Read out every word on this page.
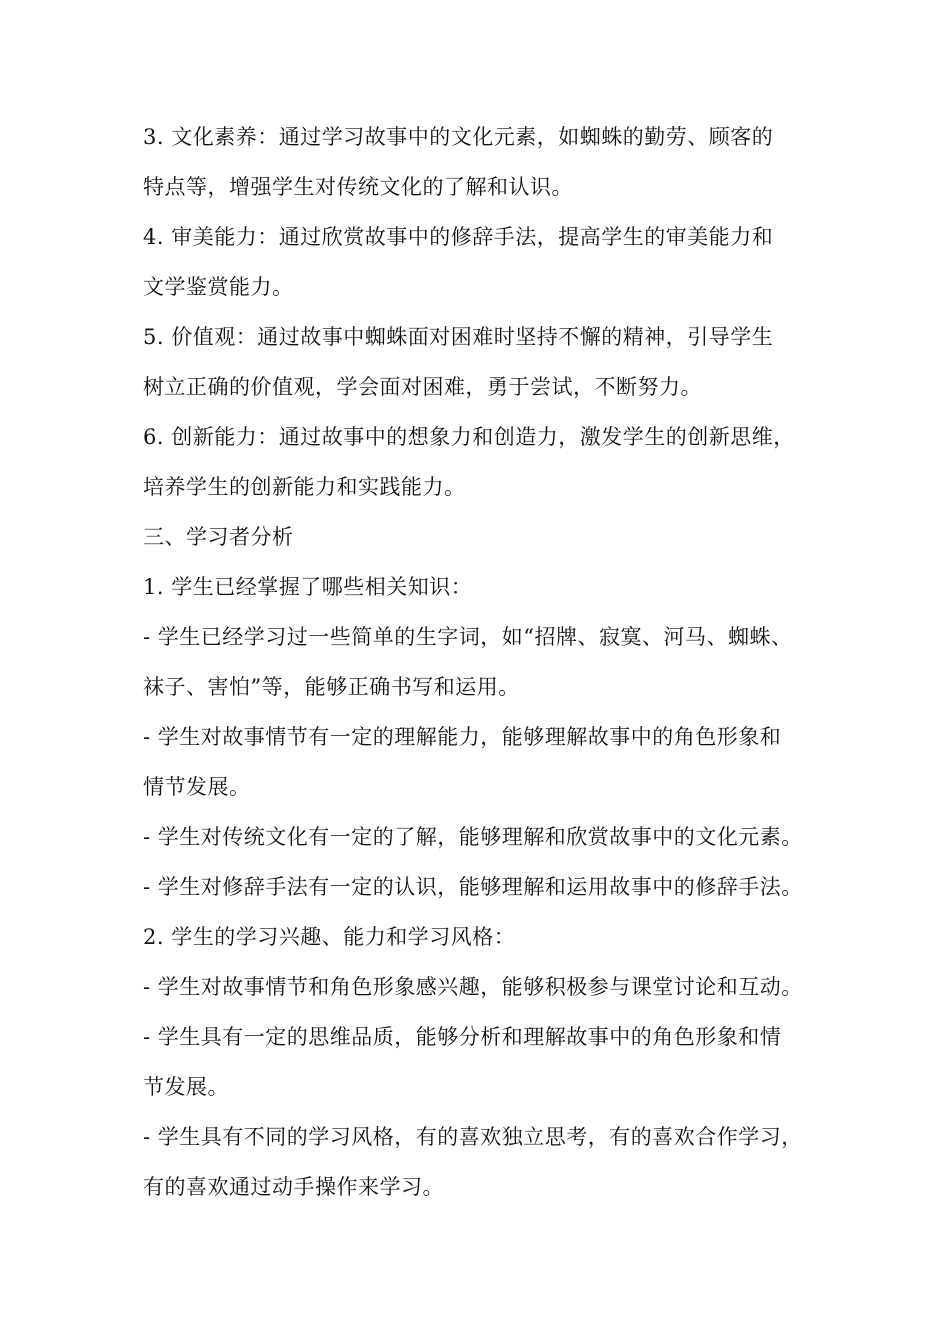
3. 文化素养：通过学习故事中的文化元素，如蜘蛛的勤劳、顾客的
特点等，增强学生对传统文化的了解和认识。
4. 审美能力：通过欣赏故事中的修辞手法，提高学生的审美能力和
文学鉴赏能力。
5. 价值观：通过故事中蜘蛛面对困难时坚持不懈的精神，引导学生
树立正确的价值观，学会面对困难，勇于尝试，不断努力。
6. 创新能力：通过故事中的想象力和创造力，激发学生的创新思维，
培养学生的创新能力和实践能力。
三、学习者分析
1. 学生已经掌握了哪些相关知识：
- 学生已经学习过一些简单的生字词，如“招牌、寂寞、河马、蜘蛛、
袜子、害怕”等，能够正确书写和运用。
- 学生对故事情节有一定的理解能力，能够理解故事中的角色形象和
情节发展。
- 学生对传统文化有一定的了解，能够理解和欣赏故事中的文化元素。
- 学生对修辞手法有一定的认识，能够理解和运用故事中的修辞手法。
2. 学生的学习兴趣、能力和学习风格：
- 学生对故事情节和角色形象感兴趣，能够积极参与课堂讨论和互动。
- 学生具有一定的思维品质，能够分析和理解故事中的角色形象和情
节发展。
- 学生具有不同的学习风格，有的喜欢独立思考，有的喜欢合作学习，
有的喜欢通过动手操作来学习。
